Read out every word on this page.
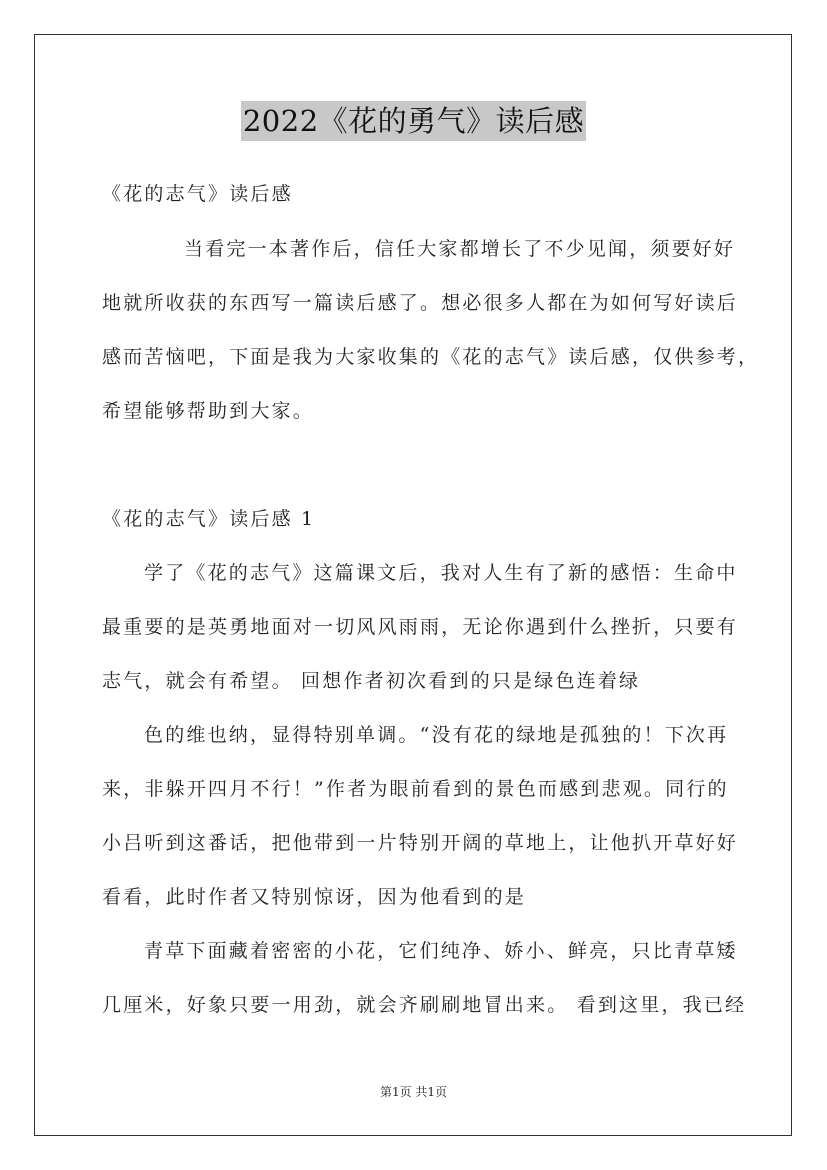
2022《花的勇气》读后感
《花的志气》读后感
当看完一本著作后，信任大家都增长了不少见闻，须要好好
地就所收获的东西写一篇读后感了。想必很多人都在为如何写好读后
感而苦恼吧，下面是我为大家收集的《花的志气》读后感，仅供参考，
希望能够帮助到大家。
《花的志气》读后感 1
学了《花的志气》这篇课文后，我对人生有了新的感悟：生命中
最重要的是英勇地面对一切风风雨雨，无论你遇到什么挫折，只要有
志气，就会有希望。 回想作者初次看到的只是绿色连着绿
色的维也纳，显得特别单调。“没有花的绿地是孤独的！下次再
来，非躲开四月不行！”作者为眼前看到的景色而感到悲观。同行的
小吕听到这番话，把他带到一片特别开阔的草地上，让他扒开草好好
看看，此时作者又特别惊讶，因为他看到的是
青草下面藏着密密的小花，它们纯净、娇小、鲜亮，只比青草矮
几厘米，好象只要一用劲，就会齐刷刷地冒出来。 看到这里，我已经
第1页 共1页
